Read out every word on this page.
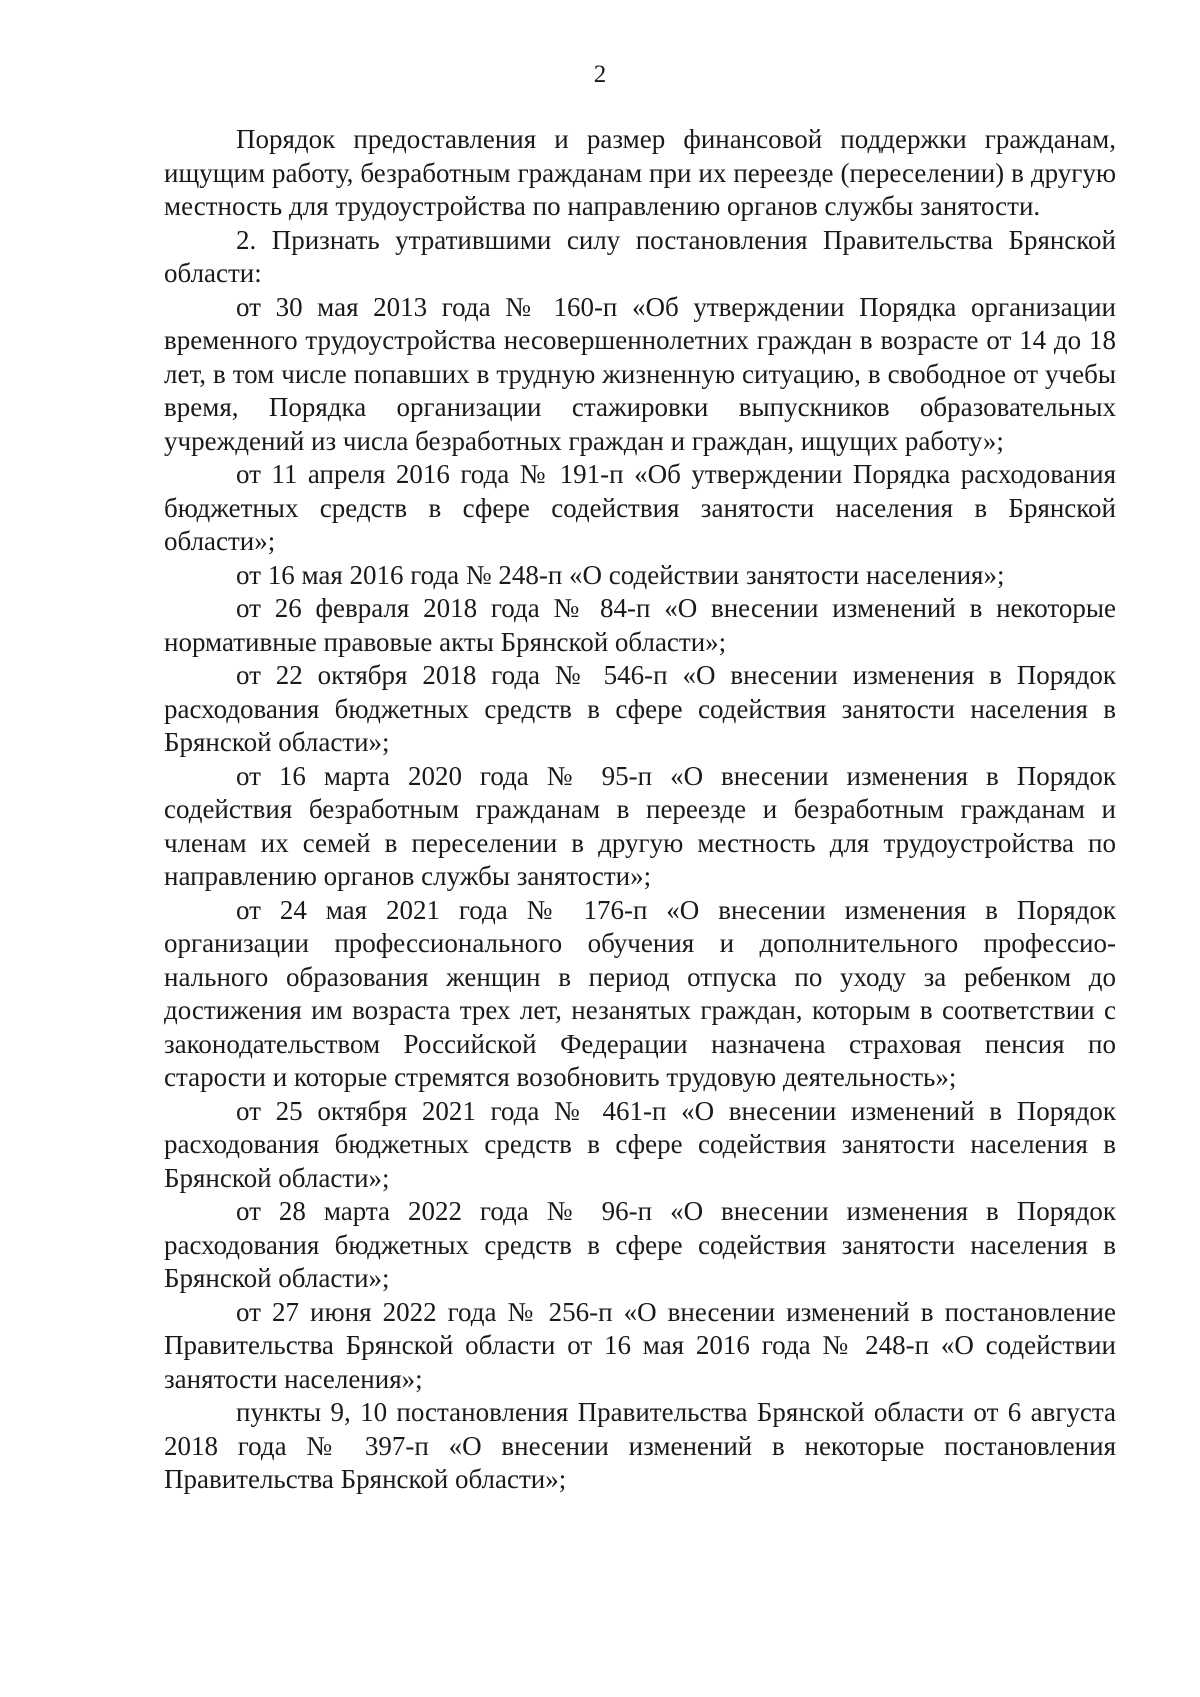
2

Порядок предоставления и размер финансовой поддержки гражданам, ищущим работу, безработным гражданам при их переезде (переселении) в другую местность для трудоустройства по направлению органов службы занятости.

2. Признать утратившими силу постановления Правительства Брянской области:

от 30 мая 2013 года № 160-п «Об утверждении Порядка организации временного трудоустройства несовершеннолетних граждан в возрасте от 14 до 18 лет, в том числе попавших в трудную жизненную ситуацию, в свободное от учебы время, Порядка организации стажировки выпускников образовательных учреждений из числа безработных граждан и граждан, ищущих работу»;

от 11 апреля 2016 года № 191-п «Об утверждении Порядка расходования бюджетных средств в сфере содействия занятости населения в Брянской области»;

от 16 мая 2016 года № 248-п «О содействии занятости населения»;

от 26 февраля 2018 года № 84-п «О внесении изменений в некоторые нормативные правовые акты Брянской области»;

от 22 октября 2018 года № 546-п «О внесении изменения в Порядок расходования бюджетных средств в сфере содействия занятости населения в Брянской области»;

от 16 марта 2020 года № 95-п «О внесении изменения в Порядок содействия безработным гражданам в переезде и безработным гражданам и членам их семей в переселении в другую местность для трудоустройства по направлению органов службы занятости»;

от 24 мая 2021 года № 176-п «О внесении изменения в Порядок организации профессионального обучения и дополнительного профессионального образования женщин в период отпуска по уходу за ребенком до достижения им возраста трех лет, незанятых граждан, которым в соответствии с законодательством Российской Федерации назначена страховая пенсия по старости и которые стремятся возобновить трудовую деятельность»;

от 25 октября 2021 года № 461-п «О внесении изменений в Порядок расходования бюджетных средств в сфере содействия занятости населения в Брянской области»;

от 28 марта 2022 года № 96-п «О внесении изменения в Порядок расходования бюджетных средств в сфере содействия занятости населения в Брянской области»;

от 27 июня 2022 года № 256-п «О внесении изменений в постановление Правительства Брянской области от 16 мая 2016 года № 248-п «О содействии занятости населения»;

пункты 9, 10 постановления Правительства Брянской области от 6 августа 2018 года № 397-п «О внесении изменений в некоторые постановления Правительства Брянской области»;
